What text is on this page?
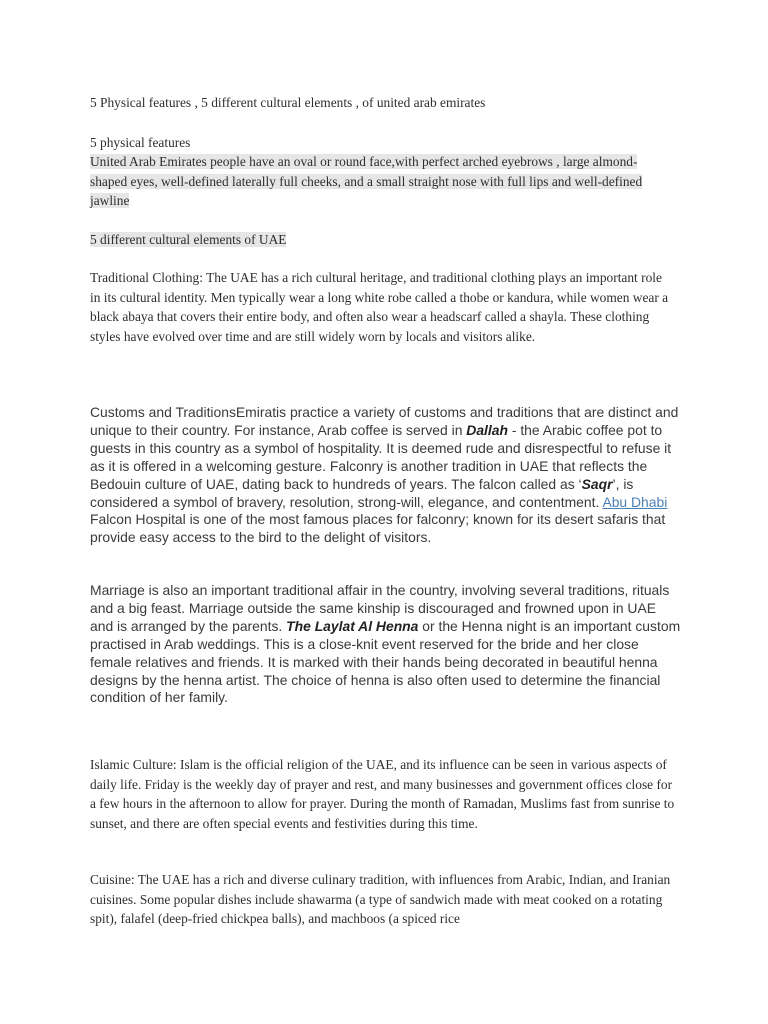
5 Physical features , 5 different cultural elements , of united arab emirates

5 physical features

United Arab Emirates people have an oval or round face,with perfect arched eyebrows , large almond-shaped eyes, well-defined laterally full cheeks, and a small straight nose with full lips and well-defined jawline

5 different cultural elements of UAE

Traditional Clothing: The UAE has a rich cultural heritage, and traditional clothing plays an important role in its cultural identity. Men typically wear a long white robe called a thobe or kandura, while women wear a black abaya that covers their entire body, and often also wear a headscarf called a shayla. These clothing styles have evolved over time and are still widely worn by locals and visitors alike.

Customs and TraditionsEmiratis practice a variety of customs and traditions that are distinct and unique to their country. For instance, Arab coffee is served in Dallah - the Arabic coffee pot to guests in this country as a symbol of hospitality. It is deemed rude and disrespectful to refuse it as it is offered in a welcoming gesture. Falconry is another tradition in UAE that reflects the Bedouin culture of UAE, dating back to hundreds of years. The falcon called as ‘Saqr’, is considered a symbol of bravery, resolution, strong-will, elegance, and contentment. Abu Dhabi Falcon Hospital is one of the most famous places for falconry; known for its desert safaris that provide easy access to the bird to the delight of visitors.

Marriage is also an important traditional affair in the country, involving several traditions, rituals and a big feast. Marriage outside the same kinship is discouraged and frowned upon in UAE and is arranged by the parents. The Laylat Al Henna or the Henna night is an important custom practised in Arab weddings. This is a close-knit event reserved for the bride and her close female relatives and friends. It is marked with their hands being decorated in beautiful henna designs by the henna artist. The choice of henna is also often used to determine the financial condition of her family.

Islamic Culture: Islam is the official religion of the UAE, and its influence can be seen in various aspects of daily life. Friday is the weekly day of prayer and rest, and many businesses and government offices close for a few hours in the afternoon to allow for prayer. During the month of Ramadan, Muslims fast from sunrise to sunset, and there are often special events and festivities during this time.

Cuisine: The UAE has a rich and diverse culinary tradition, with influences from Arabic, Indian, and Iranian cuisines. Some popular dishes include shawarma (a type of sandwich made with meat cooked on a rotating spit), falafel (deep-fried chickpea balls), and machboos (a spiced rice
